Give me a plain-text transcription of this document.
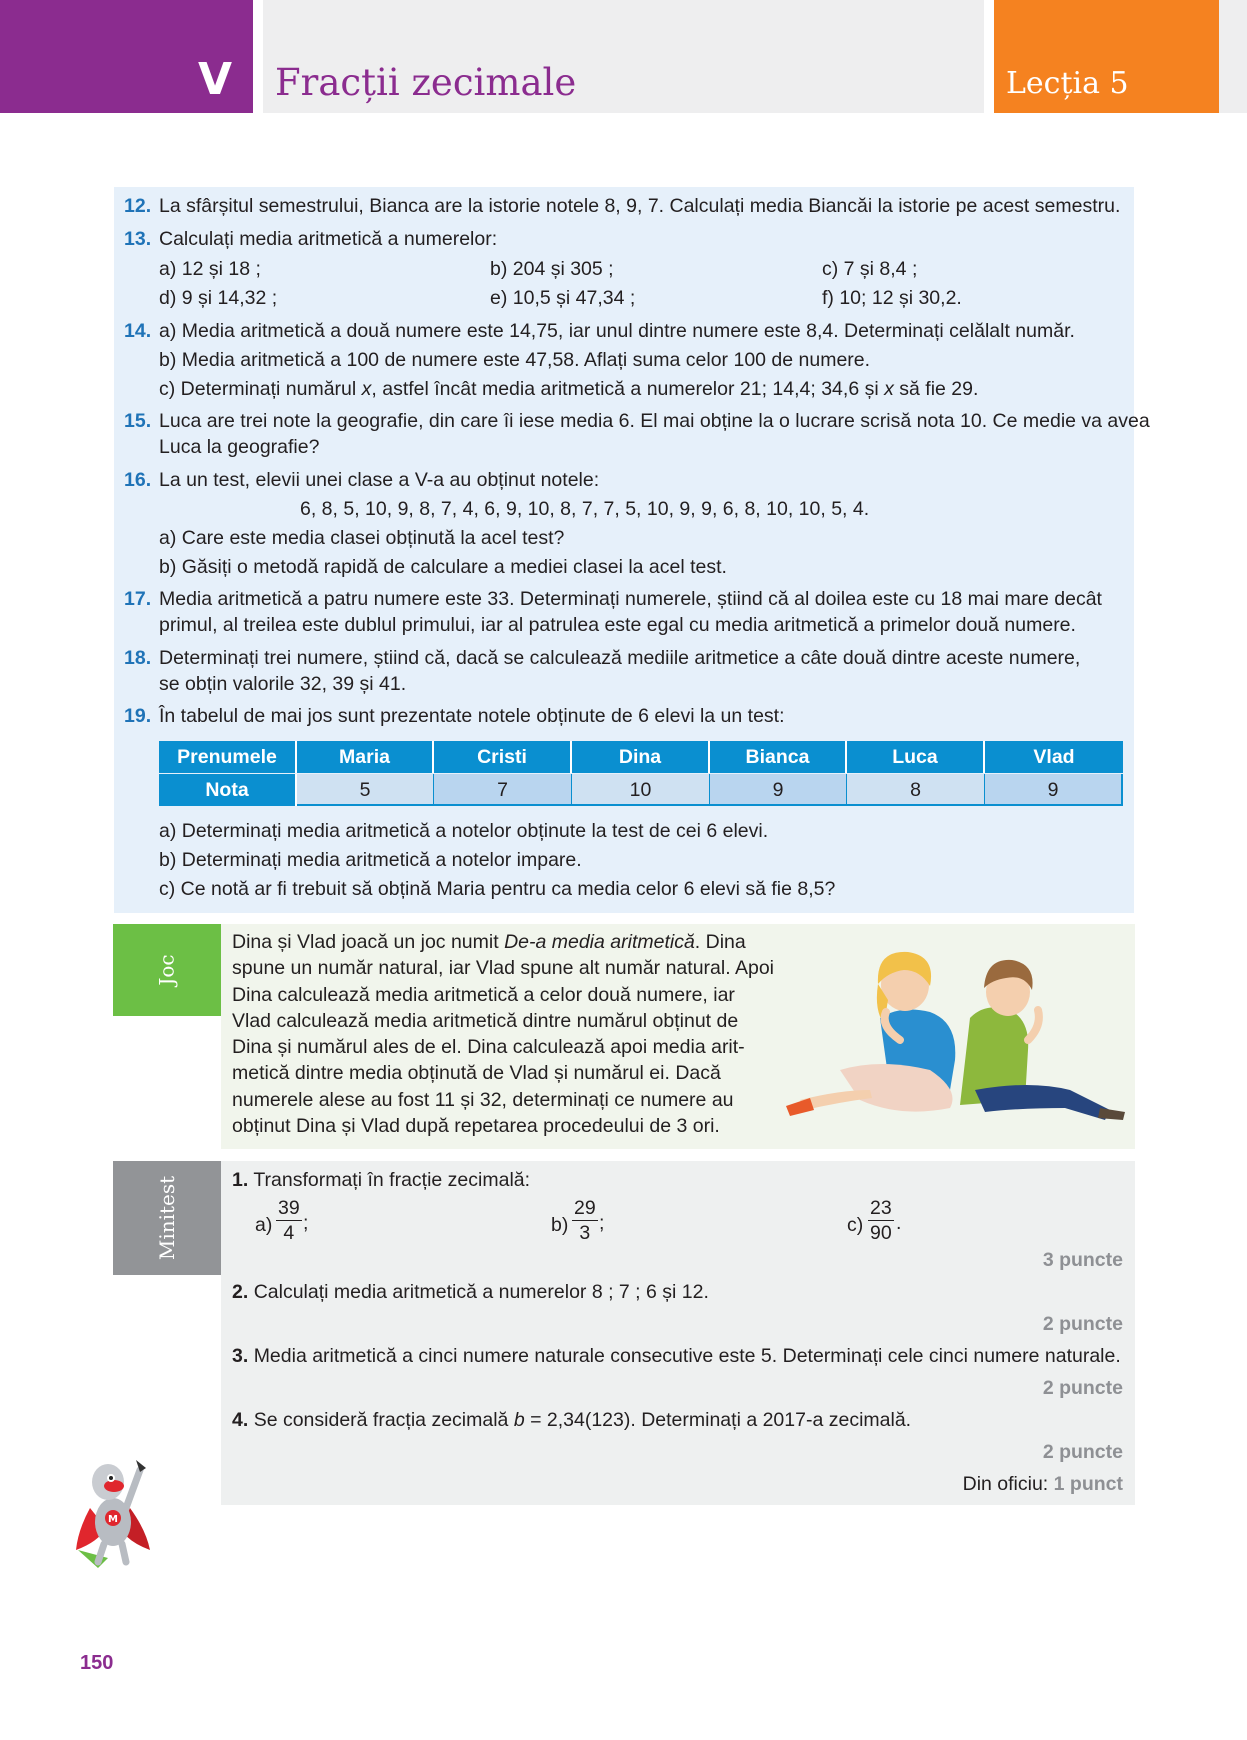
V	Fracții zecimale	Lecția 5
12. La sfârșitul semestrului, Bianca are la istorie notele 8, 9, 7. Calculați media Biancăi la istorie pe acest semestru.
13. Calculați media aritmetică a numerelor:
a) 12 și 18 ;	b) 204 și 305 ;	c) 7 și 8,4 ;
d) 9 și 14,32 ;	e) 10,5 și 47,34 ;	f) 10; 12 și 30,2.
14. a) Media aritmetică a două numere este 14,75, iar unul dintre numere este 8,4. Determinați celălalt număr.
b) Media aritmetică a 100 de numere este 47,58. Aflați suma celor 100 de numere.
c) Determinați numărul x, astfel încât media aritmetică a numerelor 21; 14,4; 34,6 și x să fie 29.
15. Luca are trei note la geografie, din care îi iese media 6. El mai obține la o lucrare scrisă nota 10. Ce medie va avea
Luca la geografie?
16. La un test, elevii unei clase a V-a au obținut notele:
6, 8, 5, 10, 9, 8, 7, 4, 6, 9, 10, 8, 7, 7, 5, 10, 9, 9, 6, 8, 10, 10, 5, 4.
a) Care este media clasei obținută la acel test?
b) Găsiți o metodă rapidă de calculare a mediei clasei la acel test.
17. Media aritmetică a patru numere este 33. Determinați numerele, știind că al doilea este cu 18 mai mare decât
primul, al treilea este dublul primului, iar al patrulea este egal cu media aritmetică a primelor două numere.
18. Determinați trei numere, știind că, dacă se calculează mediile aritmetice a câte două dintre aceste numere,
se obțin valorile 32, 39 și 41.
19. În tabelul de mai jos sunt prezentate notele obținute de 6 elevi la un test:
Prenumele	Maria	Cristi	Dina	Bianca	Luca	Vlad
Nota	5	7	10	9	8	9
a) Determinați media aritmetică a notelor obținute la test de cei 6 elevi.
b) Determinați media aritmetică a notelor impare.
c) Ce notă ar fi trebuit să obțină Maria pentru ca media celor 6 elevi să fie 8,5?
Joc
Dina și Vlad joacă un joc numit De-a media aritmetică. Dina
spune un număr natural, iar Vlad spune alt număr natural. Apoi
Dina calculează media aritmetică a celor două numere, iar
Vlad calculează media aritmetică dintre numărul obținut de
Dina și numărul ales de el. Dina calculează apoi media arit-
metică dintre media obținută de Vlad și numărul ei. Dacă
numerele alese au fost 11 și 32, determinați ce numere au
obținut Dina și Vlad după repetarea procedeului de 3 ori.
Minitest	1. Transformați în fracție zecimală:
$a) \frac{39}{4}$ ;	$b) \frac{29}{3}$ ;	$c) \frac{23}{90}$ .
3 puncte
2. Calculați media aritmetică a numerelor 8 ; 7 ; 6 și 12.
2 puncte
3. Media aritmetică a cinci numere naturale consecutive este 5. Determinați cele cinci numere naturale.
2 puncte
4. Se consideră fracția zecimală b = 2,34(123). Determinați a 2017-a zecimală.
2 puncte
Din oficiu: 1 punct
M
150
